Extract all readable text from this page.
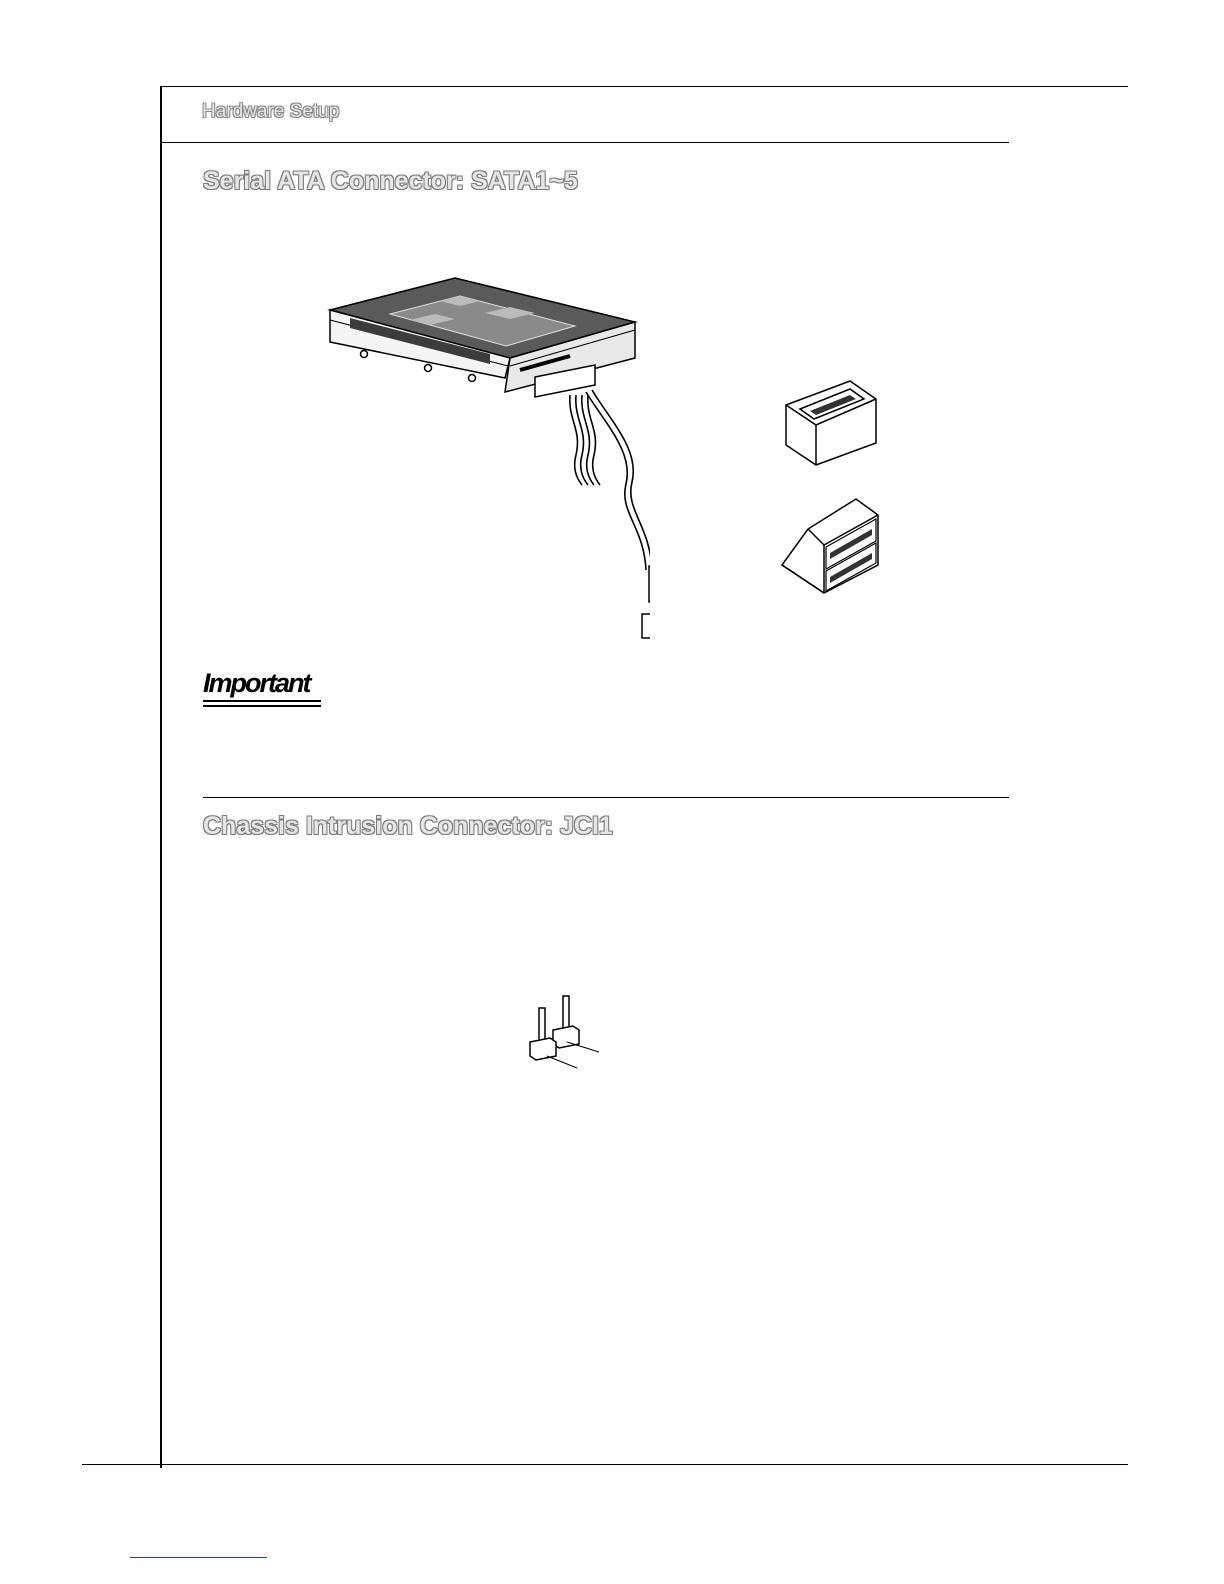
Hardware Setup
Serial ATA Connector: SATA1~5
Chassis Intrusion Connector: JCI1
Important
